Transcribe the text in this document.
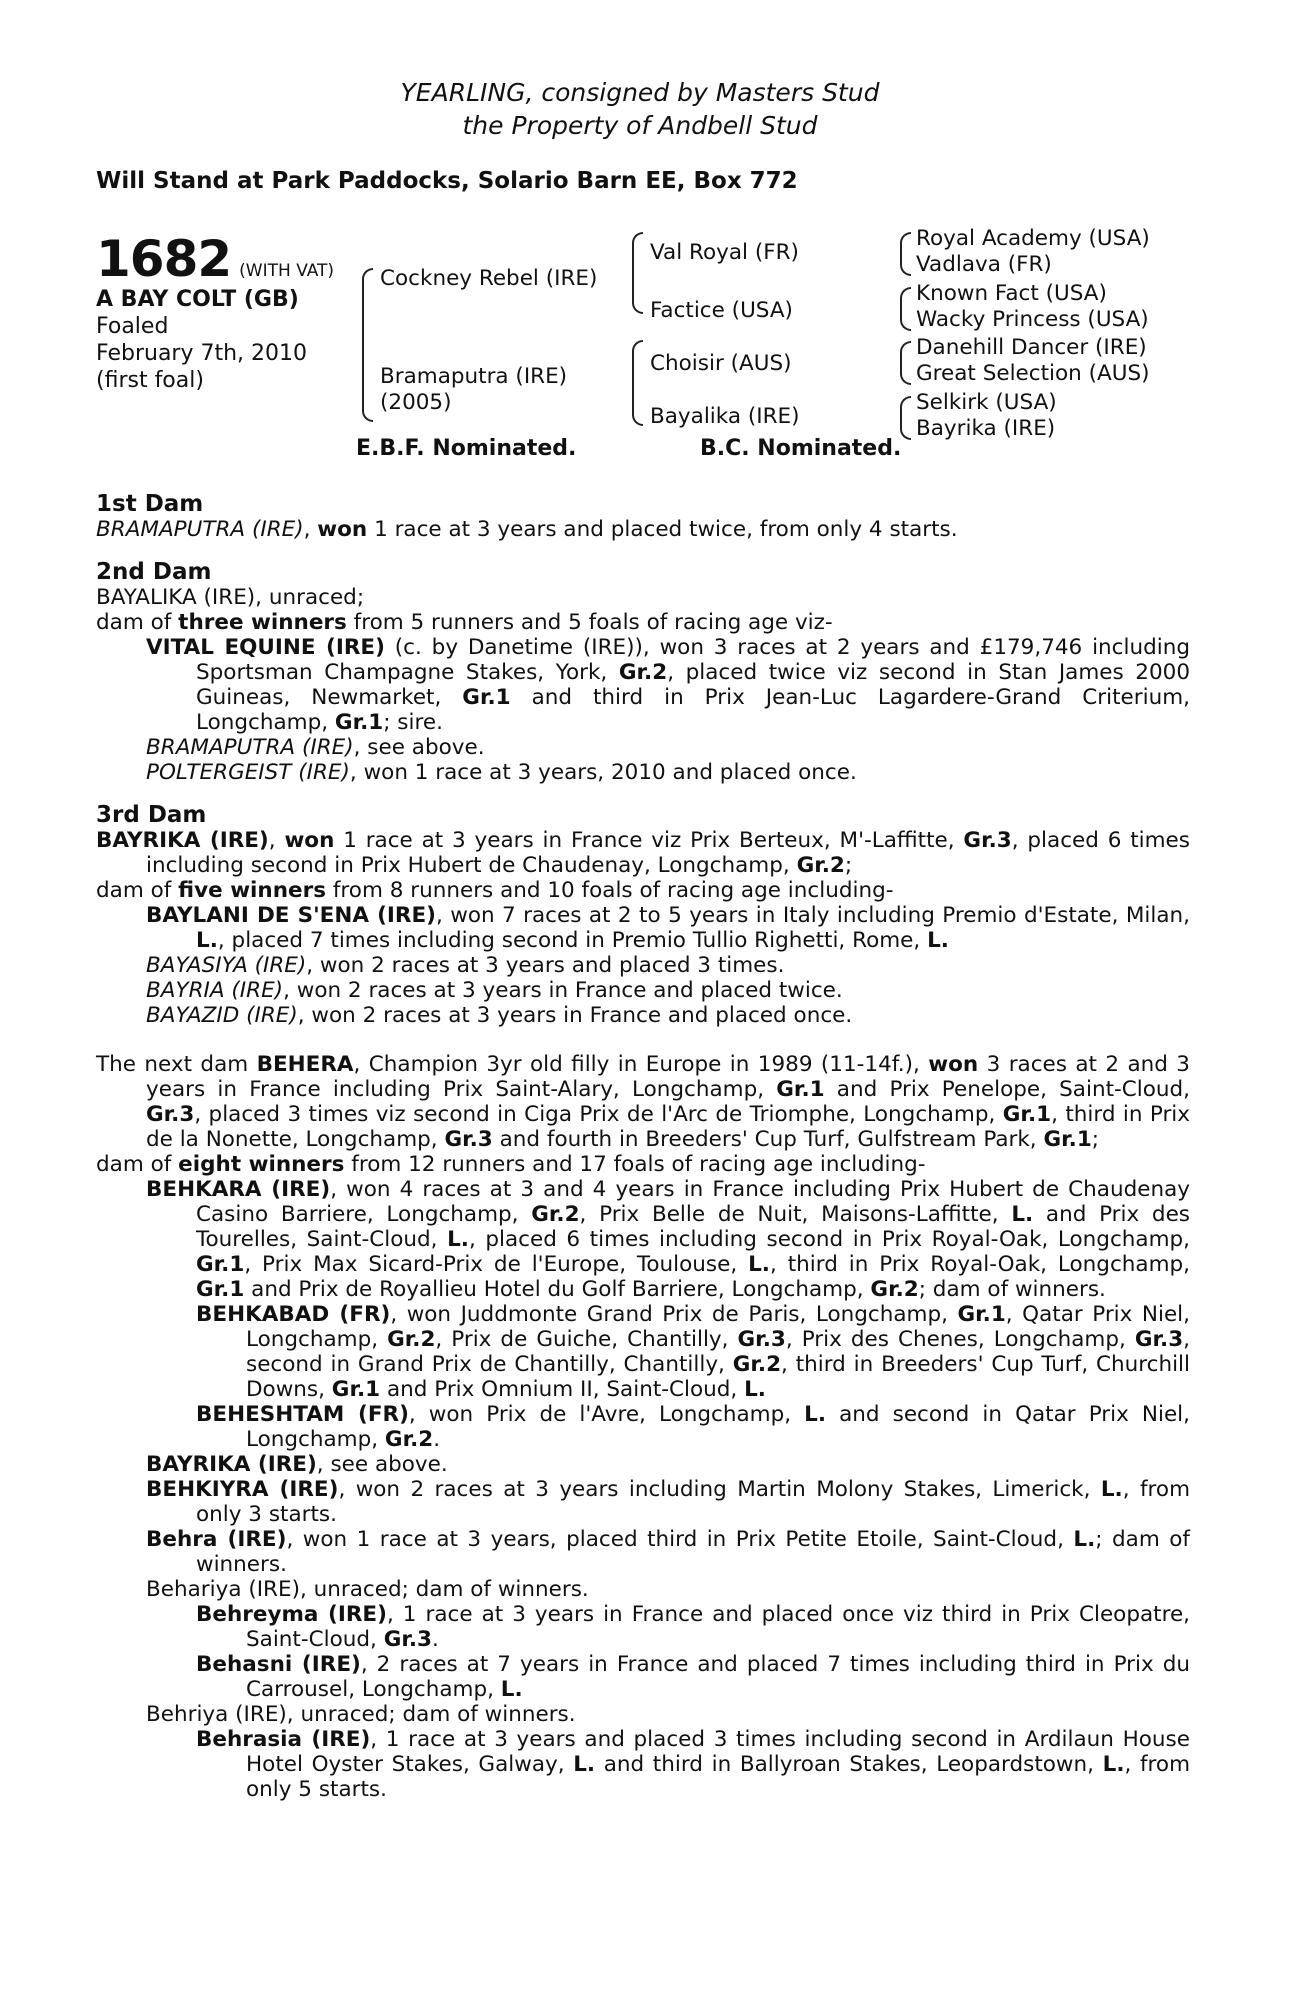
YEARLING, consigned by Masters Stud
the Property of Andbell Stud
Will Stand at Park Paddocks, Solario Barn EE, Box 772
1682 (WITH VAT)
A BAY COLT (GB)
Foaled
February 7th, 2010
(first foal)
Cockney Rebel (IRE)
Bramaputra (IRE)
(2005)
Val Royal (FR)
Factice (USA)
Choisir (AUS)
Bayalika (IRE)
Royal Academy (USA)
Vadlava (FR)
Known Fact (USA)
Wacky Princess (USA)
Danehill Dancer (IRE)
Great Selection (AUS)
Selkirk (USA)
Bayrika (IRE)
E.B.F. Nominated.	B.C. Nominated.
1st Dam
BRAMAPUTRA (IRE), won 1 race at 3 years and placed twice, from only 4 starts.
2nd Dam
BAYALIKA (IRE), unraced;
dam of three winners from 5 runners and 5 foals of racing age viz-
VITAL EQUINE (IRE) (c. by Danetime (IRE)), won 3 races at 2 years and £179,746 including Sportsman Champagne Stakes, York, Gr.2, placed twice viz second in Stan James 2000 Guineas, Newmarket, Gr.1 and third in Prix Jean-Luc Lagardere-Grand Criterium, Longchamp, Gr.1; sire.
BRAMAPUTRA (IRE), see above.
POLTERGEIST (IRE), won 1 race at 3 years, 2010 and placed once.
3rd Dam
BAYRIKA (IRE), won 1 race at 3 years in France viz Prix Berteux, M'-Laffitte, Gr.3, placed 6 times including second in Prix Hubert de Chaudenay, Longchamp, Gr.2;
dam of five winners from 8 runners and 10 foals of racing age including-
BAYLANI DE S'ENA (IRE), won 7 races at 2 to 5 years in Italy including Premio d'Estate, Milan, L., placed 7 times including second in Premio Tullio Righetti, Rome, L.
BAYASIYA (IRE), won 2 races at 3 years and placed 3 times.
BAYRIA (IRE), won 2 races at 3 years in France and placed twice.
BAYAZID (IRE), won 2 races at 3 years in France and placed once.
The next dam BEHERA, Champion 3yr old filly in Europe in 1989 (11-14f.), won 3 races at 2 and 3 years in France including Prix Saint-Alary, Longchamp, Gr.1 and Prix Penelope, Saint-Cloud, Gr.3, placed 3 times viz second in Ciga Prix de l'Arc de Triomphe, Longchamp, Gr.1, third in Prix de la Nonette, Longchamp, Gr.3 and fourth in Breeders' Cup Turf, Gulfstream Park, Gr.1;
dam of eight winners from 12 runners and 17 foals of racing age including-
BEHKARA (IRE), won 4 races at 3 and 4 years in France including Prix Hubert de Chaudenay Casino Barriere, Longchamp, Gr.2, Prix Belle de Nuit, Maisons-Laffitte, L. and Prix des Tourelles, Saint-Cloud, L., placed 6 times including second in Prix Royal-Oak, Longchamp, Gr.1, Prix Max Sicard-Prix de l'Europe, Toulouse, L., third in Prix Royal-Oak, Longchamp, Gr.1 and Prix de Royallieu Hotel du Golf Barriere, Longchamp, Gr.2; dam of winners.
BEHKABAD (FR), won Juddmonte Grand Prix de Paris, Longchamp, Gr.1, Qatar Prix Niel, Longchamp, Gr.2, Prix de Guiche, Chantilly, Gr.3, Prix des Chenes, Longchamp, Gr.3, second in Grand Prix de Chantilly, Chantilly, Gr.2, third in Breeders' Cup Turf, Churchill Downs, Gr.1 and Prix Omnium II, Saint-Cloud, L.
BEHESHTAM (FR), won Prix de l'Avre, Longchamp, L. and second in Qatar Prix Niel, Longchamp, Gr.2.
BAYRIKA (IRE), see above.
BEHKIYRA (IRE), won 2 races at 3 years including Martin Molony Stakes, Limerick, L., from only 3 starts.
Behra (IRE), won 1 race at 3 years, placed third in Prix Petite Etoile, Saint-Cloud, L.; dam of winners.
Behariya (IRE), unraced; dam of winners.
Behreyma (IRE), 1 race at 3 years in France and placed once viz third in Prix Cleopatre, Saint-Cloud, Gr.3.
Behasni (IRE), 2 races at 7 years in France and placed 7 times including third in Prix du Carrousel, Longchamp, L.
Behriya (IRE), unraced; dam of winners.
Behrasia (IRE), 1 race at 3 years and placed 3 times including second in Ardilaun House Hotel Oyster Stakes, Galway, L. and third in Ballyroan Stakes, Leopardstown, L., from only 5 starts.
